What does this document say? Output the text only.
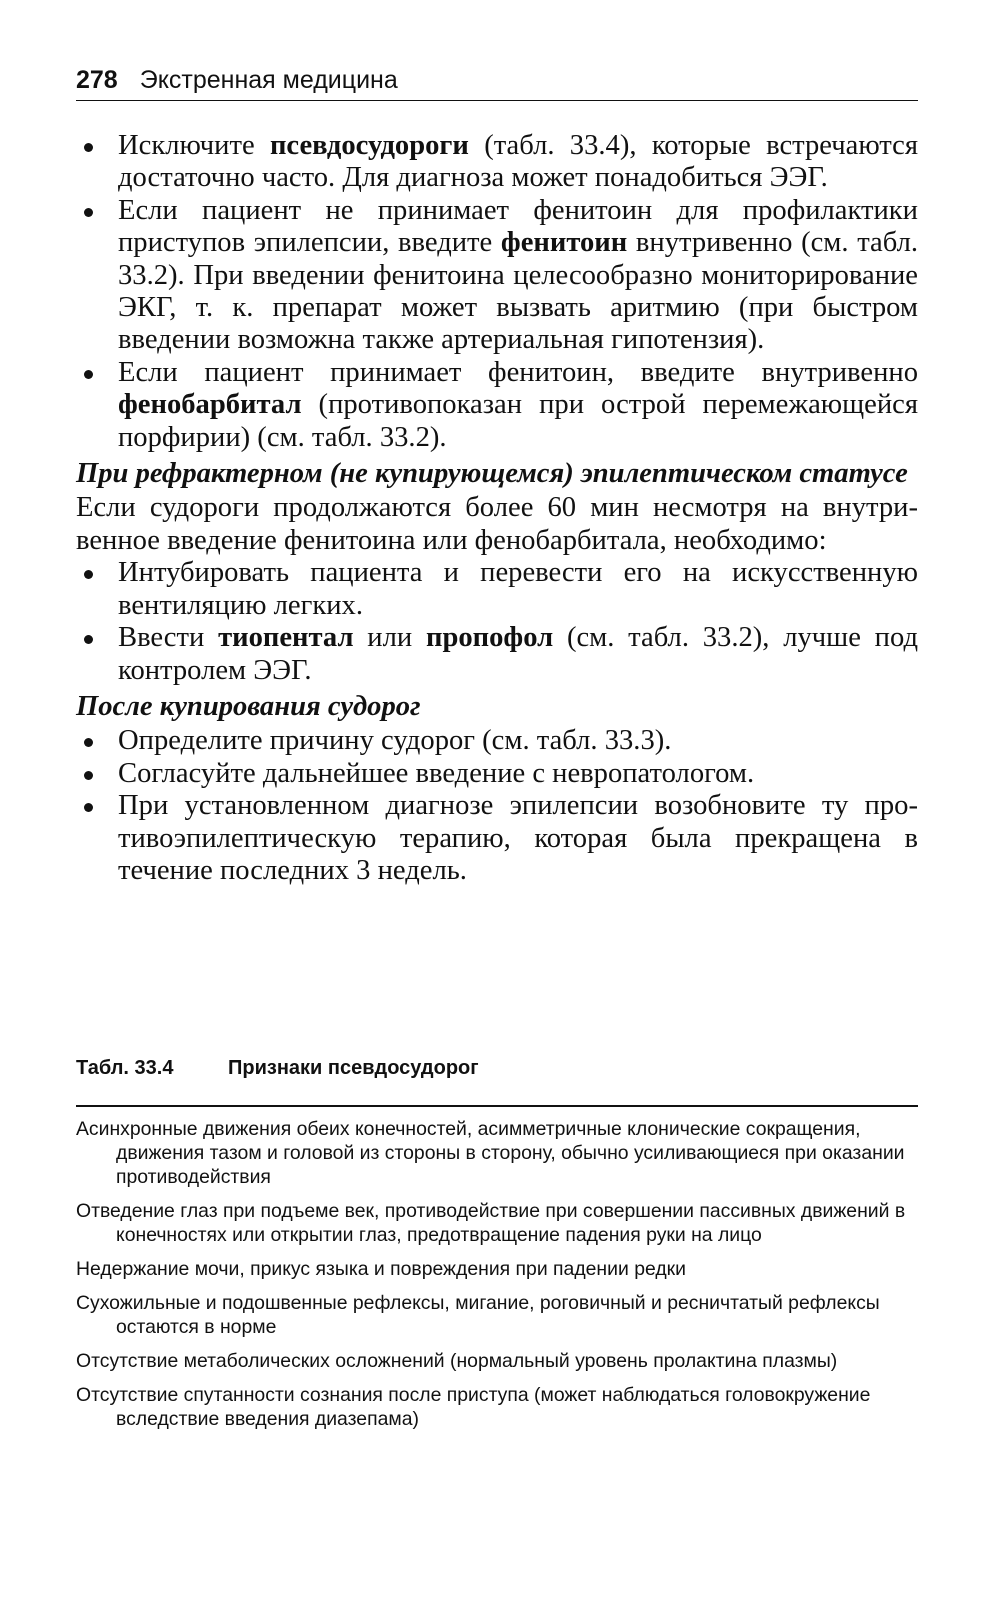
278 Экстренная медицина
Исключите псевдосудороги (табл. 33.4), которые встречаются достаточно часто. Для диагноза может понадобиться ЭЭГ.
Если пациент не принимает фенитоин для профилактики приступов эпилепсии, введите фенитоин внутривенно (см. табл. 33.2). При введении фенитоина целесообразно мониторирование ЭКГ, т. к. препарат может вызвать аритмию (при быстром введении возможна также артериальная гипотензия).
Если пациент принимает фенитоин, введите внутривенно фенобарбитал (противопоказан при острой перемежающейся порфирии) (см. табл. 33.2).
При рефрактерном (не купирующемся) эпилептическом статусе

Если судороги продолжаются более 60 мин несмотря на внутривенное введение фенитоина или фенобарбитала, необходимо:

Интубировать пациента и перевести его на искусственную вентиляцию легких.
Ввести тиопентал или пропофол (см. табл. 33.2), лучше под контролем ЭЭГ.
После купирования судорог
Определите причину судорог (см. табл. 33.3).
Согласуйте дальнейшее введение с невропатологом.
При установленном диагнозе эпилепсии возобновите ту противоэпилептическую терапию, которая была прекращена в течение последних 3 недель.
Табл. 33.4	Признаки псевдосудорог
Асинхронные движения обеих конечностей, асимметричные клонические сокращения, движения тазом и головой из стороны в сторону, обычно усиливающиеся при оказании противодействия
Отведение глаз при подъеме век, противодействие при совершении пассивных движений в конечностях или открытии глаз, предотвращение падения руки на лицо
Недержание мочи, прикус языка и повреждения при падении редки
Сухожильные и подошвенные рефлексы, мигание, роговичный и ресничтатый рефлексы остаются в норме
Отсутствие метаболических осложнений (нормальный уровень пролактина плазмы)
Отсутствие спутанности сознания после приступа (может наблюдаться головокружение вследствие введения диазепама)
